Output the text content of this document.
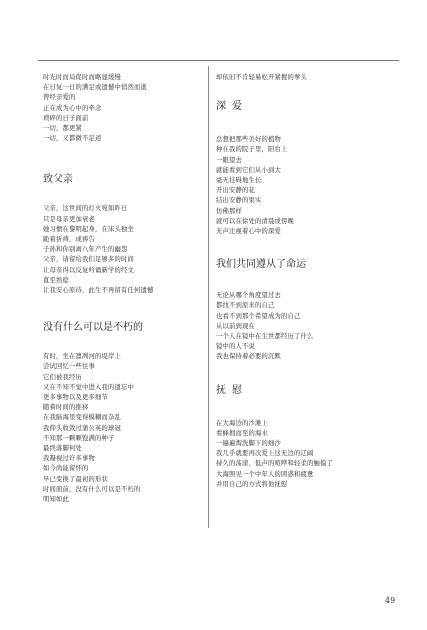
时光时而局促时而略显缓慢
在日复一日的满足或遗憾中悄然而逝
曾经亲爱的
正在成为心中的牵念
琐碎的日子面前
一切，都更紧
一切，又都微不足道
致父亲
父亲，这世间的灯火宛如昨日
只是母亲更加衰老
她习惯在黎明起身，在床头独坐
跪着祈祷，或祷告
子孙和你别离八年产生的幽怨
父亲，请留给我们足够多的时间
让母亲得以反复吟诵新学的经文
直至熟稔
让我安心原待，此生不再留有任何遗憾
没有什么可以是不朽的
有时，坐在凛冽河的堤岸上
尝试回忆一些往事
它们被我经历
又在不知不觉中进入我的遗忘中
更多事物以及更多细节
随着时间的推移
在我脑海里变得模糊而杂乱
我仰头收敛过蒲公英的球冠
不知那一颗颗饱满的种子
最终落脚何处
我凝视过许多事物
如今尚能留怀的
早已变换了最初的形状
时间面前，没有什么可以是不朽的
明知如此
却依旧不肯轻易松开紧握的拳头
深爱
总想把那些美好的植物
种在我的院子里，阳台上
一眼望去
就能看到它们从小到大
毫无挂碍地生长
开出安静的花
结出安静的果实
仿佛那样
就可以在徐处的清晨或傍晚
无声注视着心中的深爱
我们共同遵从了命运
无论从哪个角度望过去
都找不到原来的自己
也看不到那个希望成为的自己
从以前到现在
一个人在镜中在尘世都经历了什么
镜中的人不说
我也保持着必要的沉默
抚慰
在大海边的沙滩上
看蜂拥而至的海水
一遍遍淘洗脚下的细沙
我几乎就要再次爱上这无边的辽阔
持久的荡漾、低声的喧哗和轻柔的触摸了
大海照见一个中年人的困惑和疲惫
并用自己的方式将他抚慰
49
